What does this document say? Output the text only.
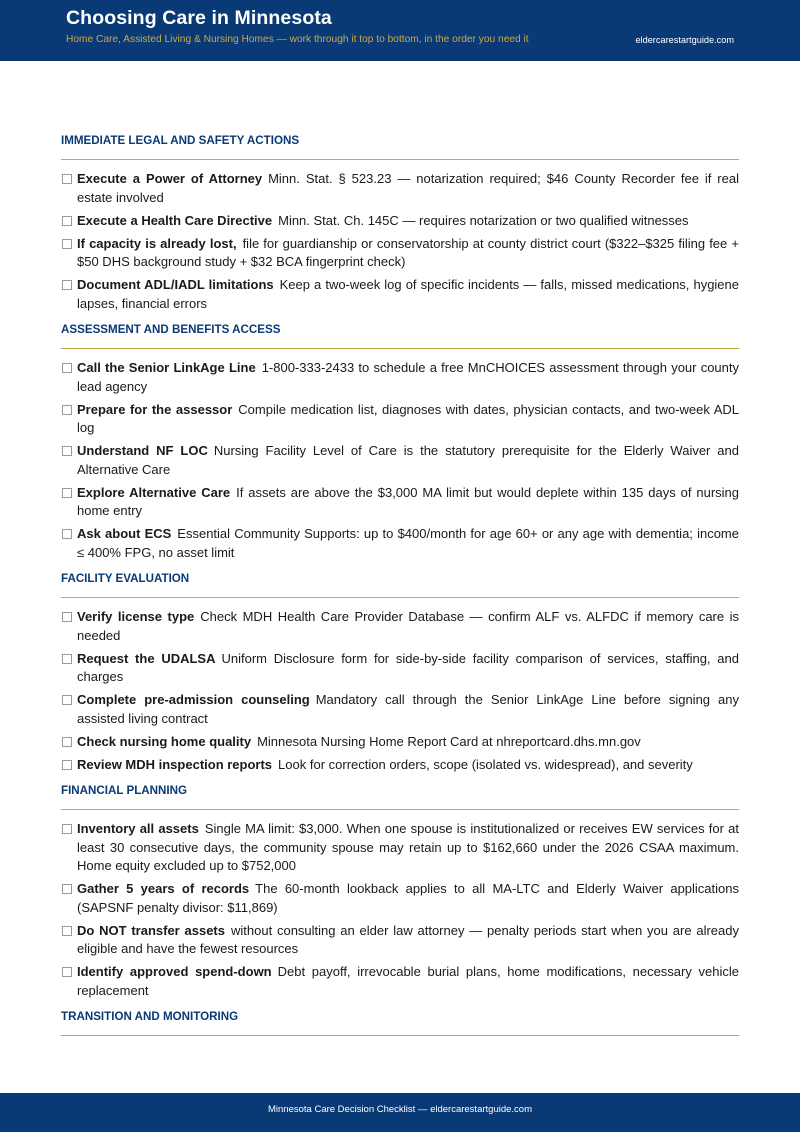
Choosing Care in Minnesota
Home Care, Assisted Living & Nursing Homes — work through it top to bottom, in the order you need it	eldercarestartguide.com
IMMEDIATE LEGAL AND SAFETY ACTIONS
Execute a Power of Attorney Minn. Stat. § 523.23 — notarization required; $46 County Recorder fee if real estate involved
Execute a Health Care Directive Minn. Stat. Ch. 145C — requires notarization or two qualified witnesses
If capacity is already lost, file for guardianship or conservatorship at county district court ($322–$325 filing fee + $50 DHS background study + $32 BCA fingerprint check)
Document ADL/IADL limitations Keep a two-week log of specific incidents — falls, missed medications, hygiene lapses, financial errors
ASSESSMENT AND BENEFITS ACCESS
Call the Senior LinkAge Line 1-800-333-2433 to schedule a free MnCHOICES assessment through your county lead agency
Prepare for the assessor Compile medication list, diagnoses with dates, physician contacts, and two-week ADL log
Understand NF LOC Nursing Facility Level of Care is the statutory prerequisite for the Elderly Waiver and Alternative Care
Explore Alternative Care If assets are above the $3,000 MA limit but would deplete within 135 days of nursing home entry
Ask about ECS Essential Community Supports: up to $400/month for age 60+ or any age with dementia; income ≤ 400% FPG, no asset limit
FACILITY EVALUATION
Verify license type Check MDH Health Care Provider Database — confirm ALF vs. ALFDC if memory care is needed
Request the UDALSA Uniform Disclosure form for side-by-side facility comparison of services, staffing, and charges
Complete pre-admission counseling Mandatory call through the Senior LinkAge Line before signing any assisted living contract
Check nursing home quality Minnesota Nursing Home Report Card at nhreportcard.dhs.mn.gov
Review MDH inspection reports Look for correction orders, scope (isolated vs. widespread), and severity
FINANCIAL PLANNING
Inventory all assets Single MA limit: $3,000. When one spouse is institutionalized or receives EW services for at least 30 consecutive days, the community spouse may retain up to $162,660 under the 2026 CSAA maximum. Home equity excluded up to $752,000
Gather 5 years of records The 60-month lookback applies to all MA-LTC and Elderly Waiver applications (SAPSNF penalty divisor: $11,869)
Do NOT transfer assets without consulting an elder law attorney — penalty periods start when you are already eligible and have the fewest resources
Identify approved spend-down Debt payoff, irrevocable burial plans, home modifications, necessary vehicle replacement
TRANSITION AND MONITORING
Minnesota Care Decision Checklist — eldercarestartguide.com
